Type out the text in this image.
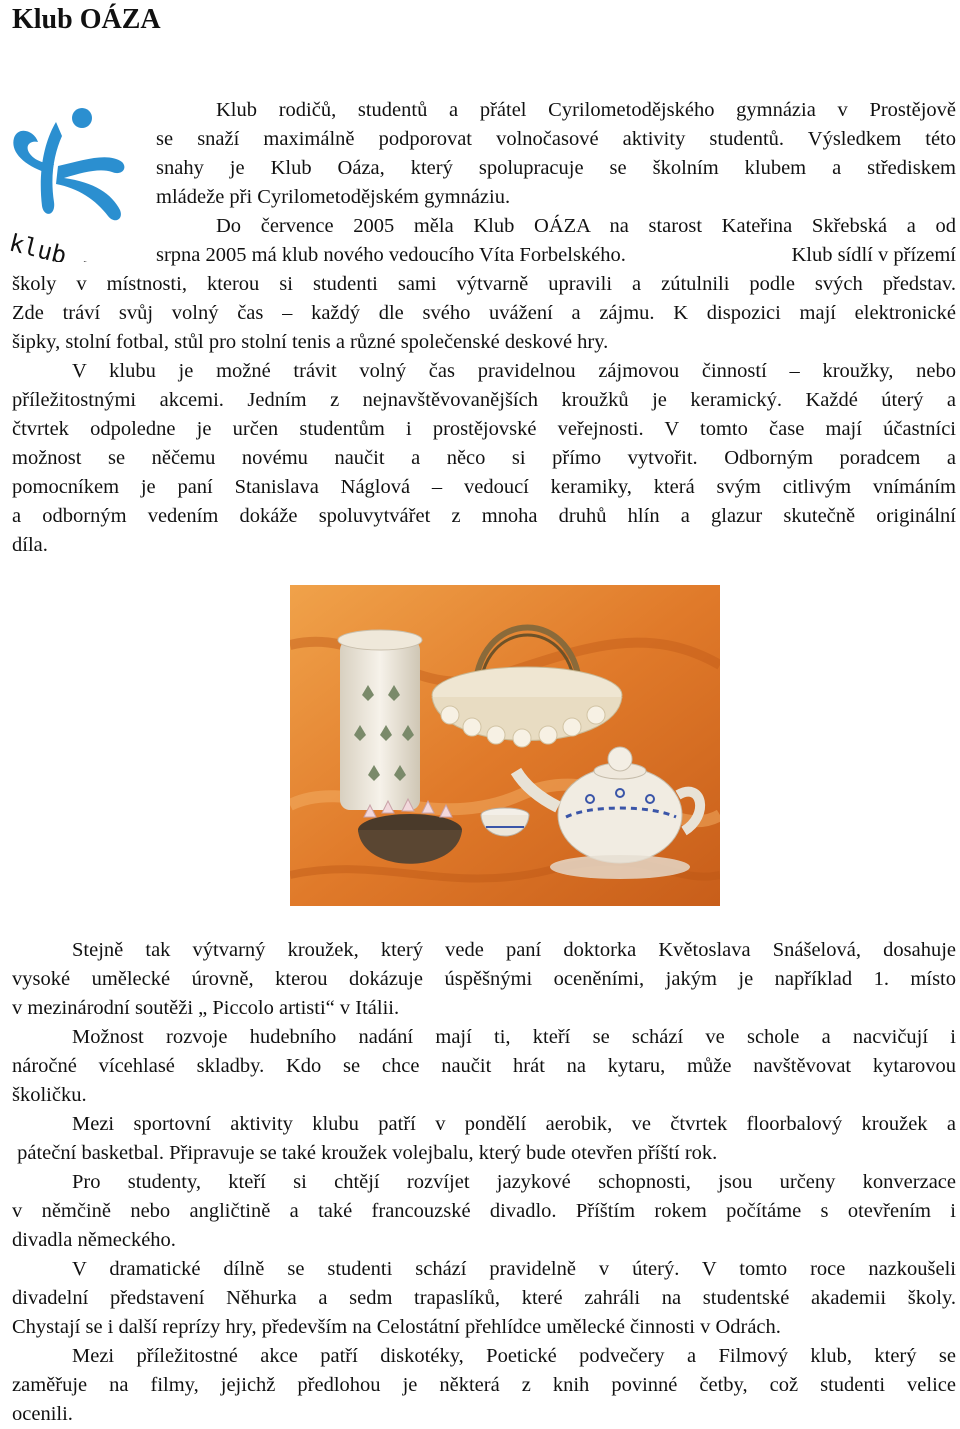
Klub OÁZA
klub - net
Klub rodičů, studentů a přátel Cyrilometodějského gymnázia v Prostějově
se snaží maximálně podporovat volnočasové aktivity studentů. Výsledkem této
snahy je Klub Oáza, který spolupracuje se školním klubem a střediskem
mládeže při Cyrilometodějském gymnáziu.
Do července 2005 měla Klub OÁZA na starost Kateřina Skřebská a od
srpna 2005 má klub nového vedoucího Víta Forbelského.	Klub sídlí v přízemí
školy v místnosti, kterou si studenti sami výtvarně upravili a zútulnili podle svých představ.
Zde tráví svůj volný čas – každý dle svého uvážení a zájmu. K dispozici mají elektronické
šipky, stolní fotbal, stůl pro stolní tenis a různé společenské deskové hry.
V klubu je možné trávit volný čas pravidelnou zájmovou činností – kroužky, nebo
příležitostnými akcemi. Jedním z nejnavštěvovanějších kroužků je keramický. Každé úterý a
čtvrtek odpoledne je určen studentům i prostějovské veřejnosti. V tomto čase mají účastníci
možnost se něčemu novému naučit a něco si přímo vytvořit. Odborným poradcem a
pomocníkem je paní Stanislava Náglová – vedoucí keramiky, která svým citlivým vnímáním
a odborným vedením dokáže spoluvytvářet z mnoha druhů hlín a glazur skutečně originální
díla.
Stejně tak výtvarný kroužek, který vede paní doktorka Květoslava Snášelová, dosahuje
vysoké umělecké úrovně, kterou dokázuje úspěšnými oceněními, jakým je například 1. místo
v mezinárodní soutěži „ Piccolo artisti“ v Itálii.
Možnost rozvoje hudebního nadání mají ti, kteří se schází ve schole a nacvičují i
náročné vícehlasé skladby. Kdo se chce naučit hrát na kytaru, může navštěvovat kytarovou
školičku.
Mezi sportovní aktivity klubu patří v pondělí aerobik, ve čtvrtek floorbalový kroužek a
páteční basketbal. Připravuje se také kroužek volejbalu, který bude otevřen příští rok.
Pro studenty, kteří si chtějí rozvíjet jazykové schopnosti, jsou určeny konverzace
v němčině nebo angličtině a také francouzské divadlo. Příštím rokem počítáme s otevřením i
divadla německého.
V dramatické dílně se studenti schází pravidelně v úterý. V tomto roce nazkoušeli
divadelní představení Něhurka a sedm trapaslíků, které zahráli na studentské akademii školy.
Chystají se i další reprízy hry, především na Celostátní přehlídce umělecké činnosti v Odrách.
Mezi příležitostné akce patří diskotéky, Poetické podvečery a Filmový klub, který se
zaměřuje na filmy, jejichž předlohou je některá z knih povinné četby, což studenti velice
ocenili.
